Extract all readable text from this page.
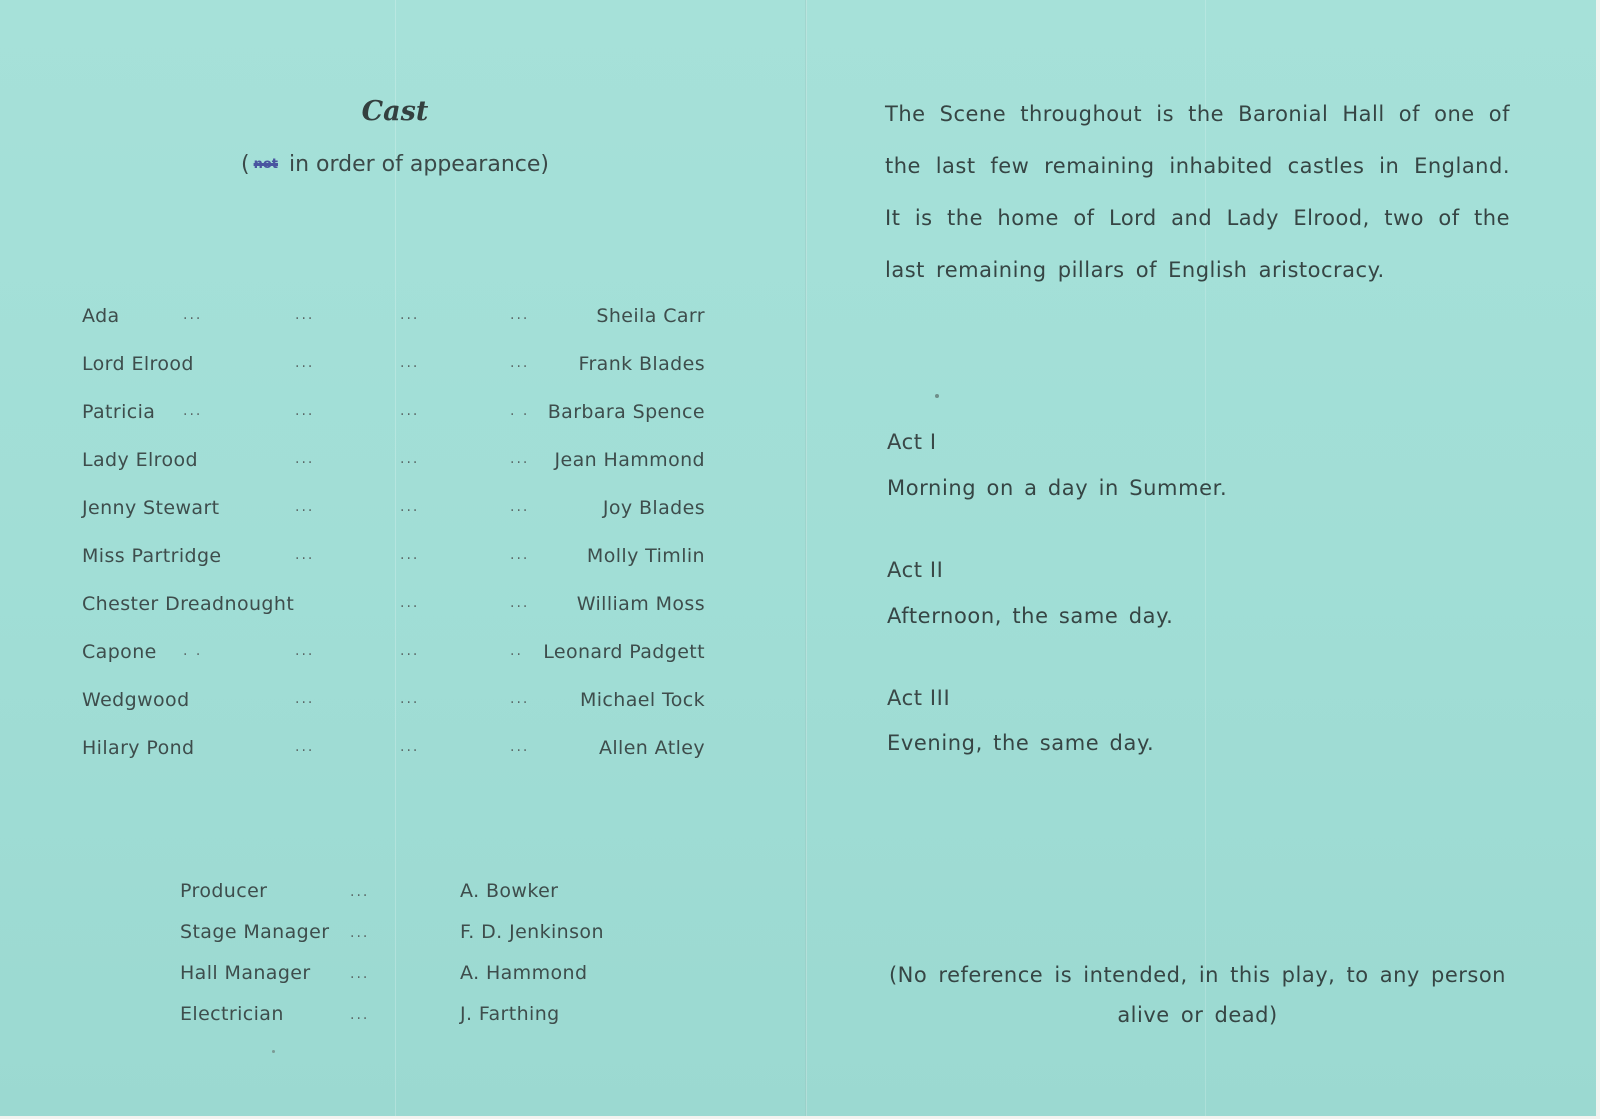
Cast
( not in order of appearance)
Ada	...	...	...	...	Sheila Carr
Lord Elrood	...	...	...	Frank Blades
Patricia ...	...	...	. . Barbara Spence
Lady Elrood	...	...	... Jean Hammond
Jenny Stewart	...	...	...	Joy Blades
Miss Partridge	...	...	...	Molly Timlin
Chester Dreadnought	...	... William Moss
Capone . .	...	...	.. Leonard Padgett
Wedgwood	...	...	...	Michael Tock
Hilary Pond	...	...	...	Allen Atley
Producer	...	A. Bowker
Stage Manager ...	F. D. Jenkinson
Hall Manager	...	A. Hammond
Electrician	...	J. Farthing
The Scene throughout is the Baronial Hall of one of the last few remaining inhabited castles in England. It is the home of Lord and Lady Elrood, two of the last remaining pillars of English aristocracy.
Act I
Morning on a day in Summer.
Act II
Afternoon, the same day.
Act III
Evening, the same day.
(No reference is intended, in this play, to any person
alive or dead)
